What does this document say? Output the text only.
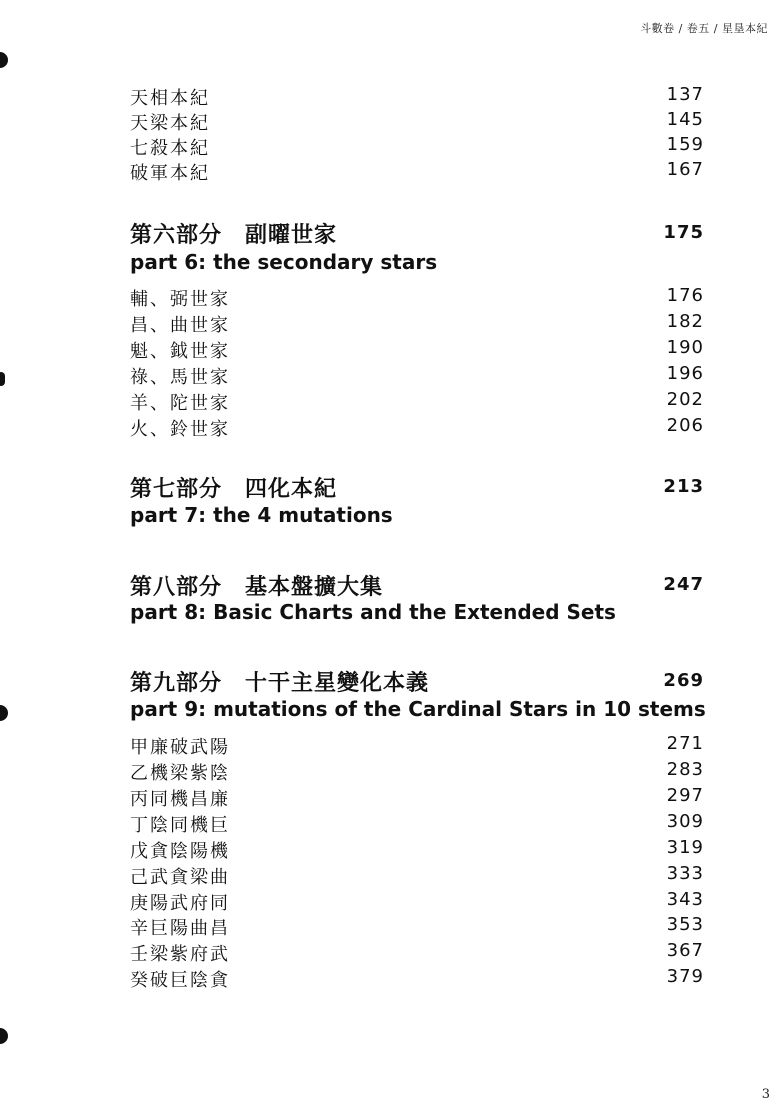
斗數卷 / 卷五 / 星垦本紀
天相本紀	137
天梁本紀	145
七殺本紀	159
破軍本紀	167
第六部分　副曜世家	175
part 6: the secondary stars
輔、弼世家	176
昌、曲世家	182
魁、鉞世家	190
祿、馬世家	196
羊、陀世家	202
火、鈴世家	206
第七部分　四化本紀	213
part 7: the 4 mutations
第八部分　基本盤擴大集	247
part 8: Basic Charts and the Extended Sets
第九部分　十干主星變化本義	269
part 9: mutations of the Cardinal Stars in 10 stems
甲廉破武陽	271
乙機梁紫陰	283
丙同機昌廉	297
丁陰同機巨	309
戊貪陰陽機	319
己武貪梁曲	333
庚陽武府同	343
辛巨陽曲昌	353
壬梁紫府武	367
癸破巨陰貪	379
3
